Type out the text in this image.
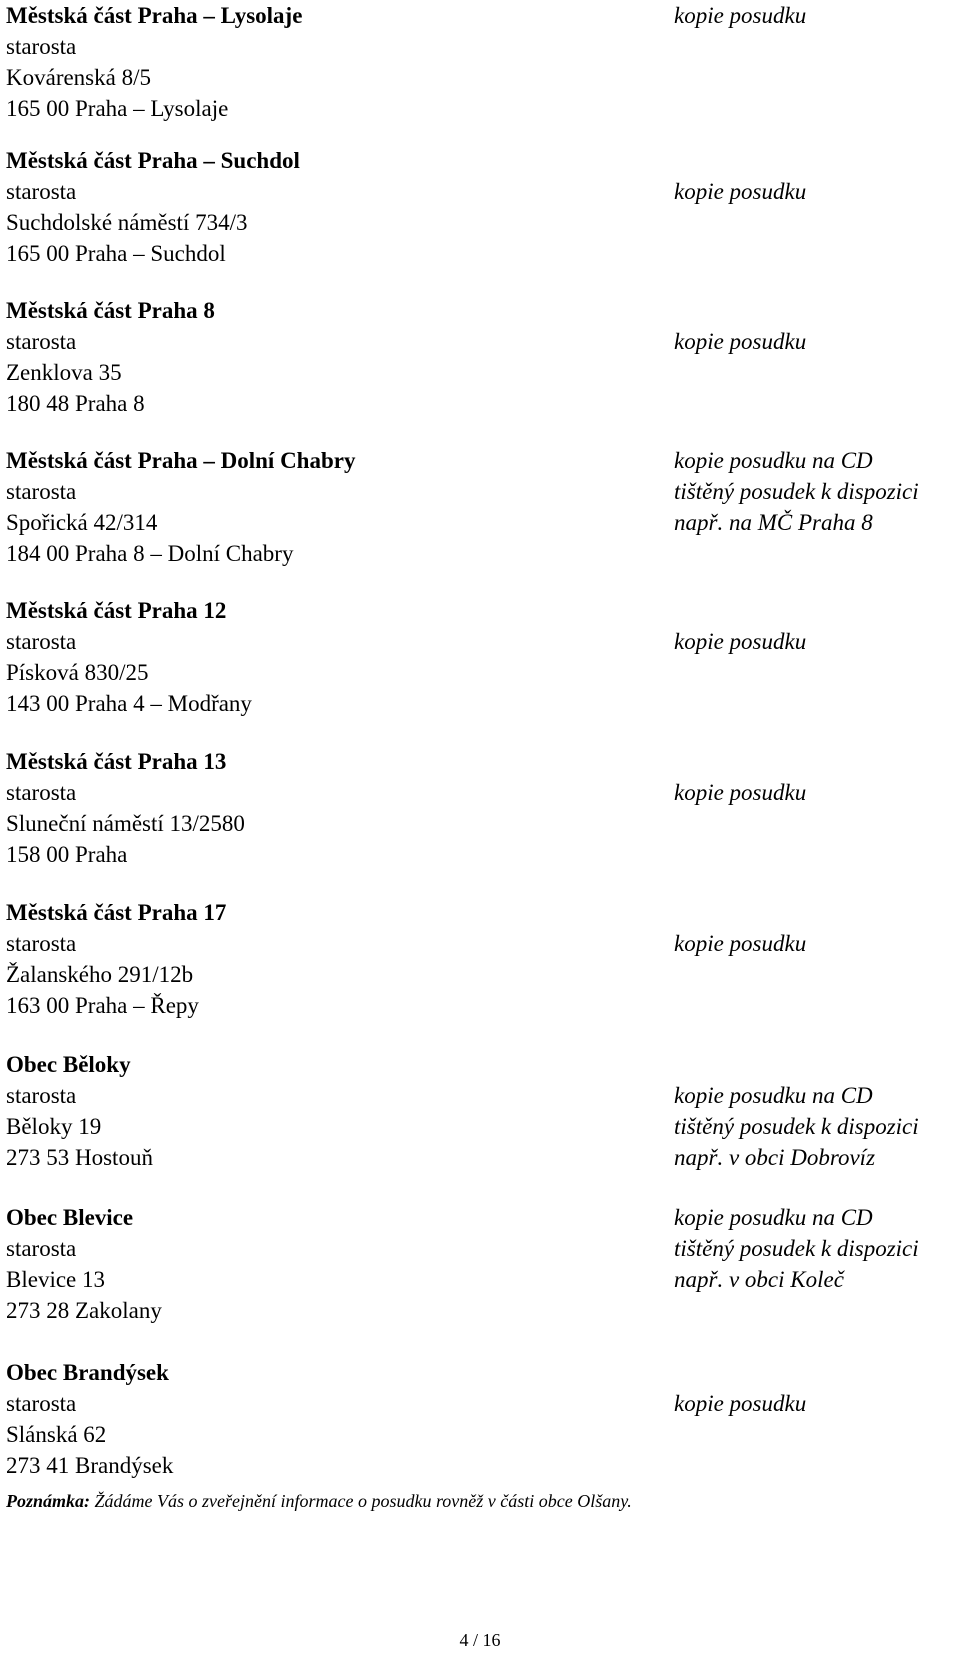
Městská část Praha – Lysolaje
starosta
Kovárenská 8/5
165 00 Praha – Lysolaje
kopie posudku
Městská část Praha – Suchdol
starosta
Suchdolské náměstí 734/3
165 00 Praha – Suchdol
kopie posudku
Městská část Praha 8
starosta
Zenklova 35
180 48 Praha 8
kopie posudku
Městská část Praha – Dolní Chabry
starosta
Spořická 42/314
184 00 Praha 8 – Dolní Chabry
kopie posudku na CD
tištěný posudek k dispozici
např. na MČ Praha 8
Městská část Praha 12
starosta
Písková 830/25
143 00 Praha 4 – Modřany
kopie posudku
Městská část Praha 13
starosta
Sluneční náměstí 13/2580
158 00 Praha
kopie posudku
Městská část Praha 17
starosta
Žalanského 291/12b
163 00 Praha – Řepy
kopie posudku
Obec Běloky
starosta
Běloky 19
273 53 Hostouň
kopie posudku na CD
tištěný posudek k dispozici
např. v obci Dobrovíz
Obec Blevice
starosta
Blevice 13
273 28 Zakolany
kopie posudku na CD
tištěný posudek k dispozici
např. v obci Koleč
Obec Brandýsek
starosta
Slánská 62
273 41 Brandýsek
kopie posudku
Poznámka: Žádáme Vás o zveřejnění informace o posudku rovněž v části obce Olšany.
4 / 16
